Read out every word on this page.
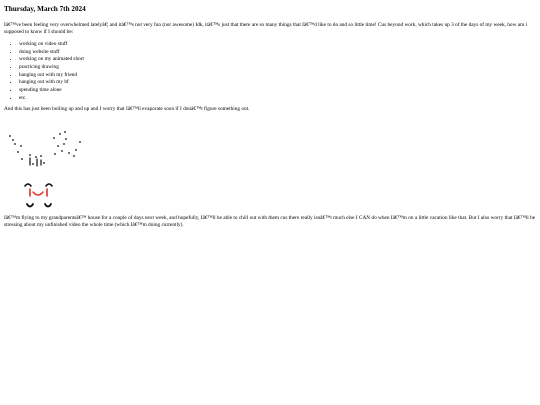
Thursday, March 7th 2024

Iâ€™ve been feeling very overwhelmed latelyâ€¦ and itâ€™s not very fun (nor awesome) Idk, itâ€™s just that there are so many things that Iâ€™d like to do and so little time! Cus beyond work, which takes up 3 of the days of my week, how am i supposed to know if I should be:

• working on video stuff
• doing website stuff
• working on my animated short
• practicing drawing
• hanging out with my friend
• hanging out with my bf
• spending time alone
• etc.

And this has just been boiling up and up and I worry that Iâ€™ll evaporate soon if I donâ€™t figure something out.

Iâ€™m flying to my grandparentsâ€™ house for a couple of days next week, and hopefully, Iâ€™ll be able to chill out with them cus there really isnâ€™t much else I CAN do when Iâ€™m on a little vacation like that. But I also worry that Iâ€™ll be stressing about my unfinished video the whole time (which Iâ€™m doing currently).
